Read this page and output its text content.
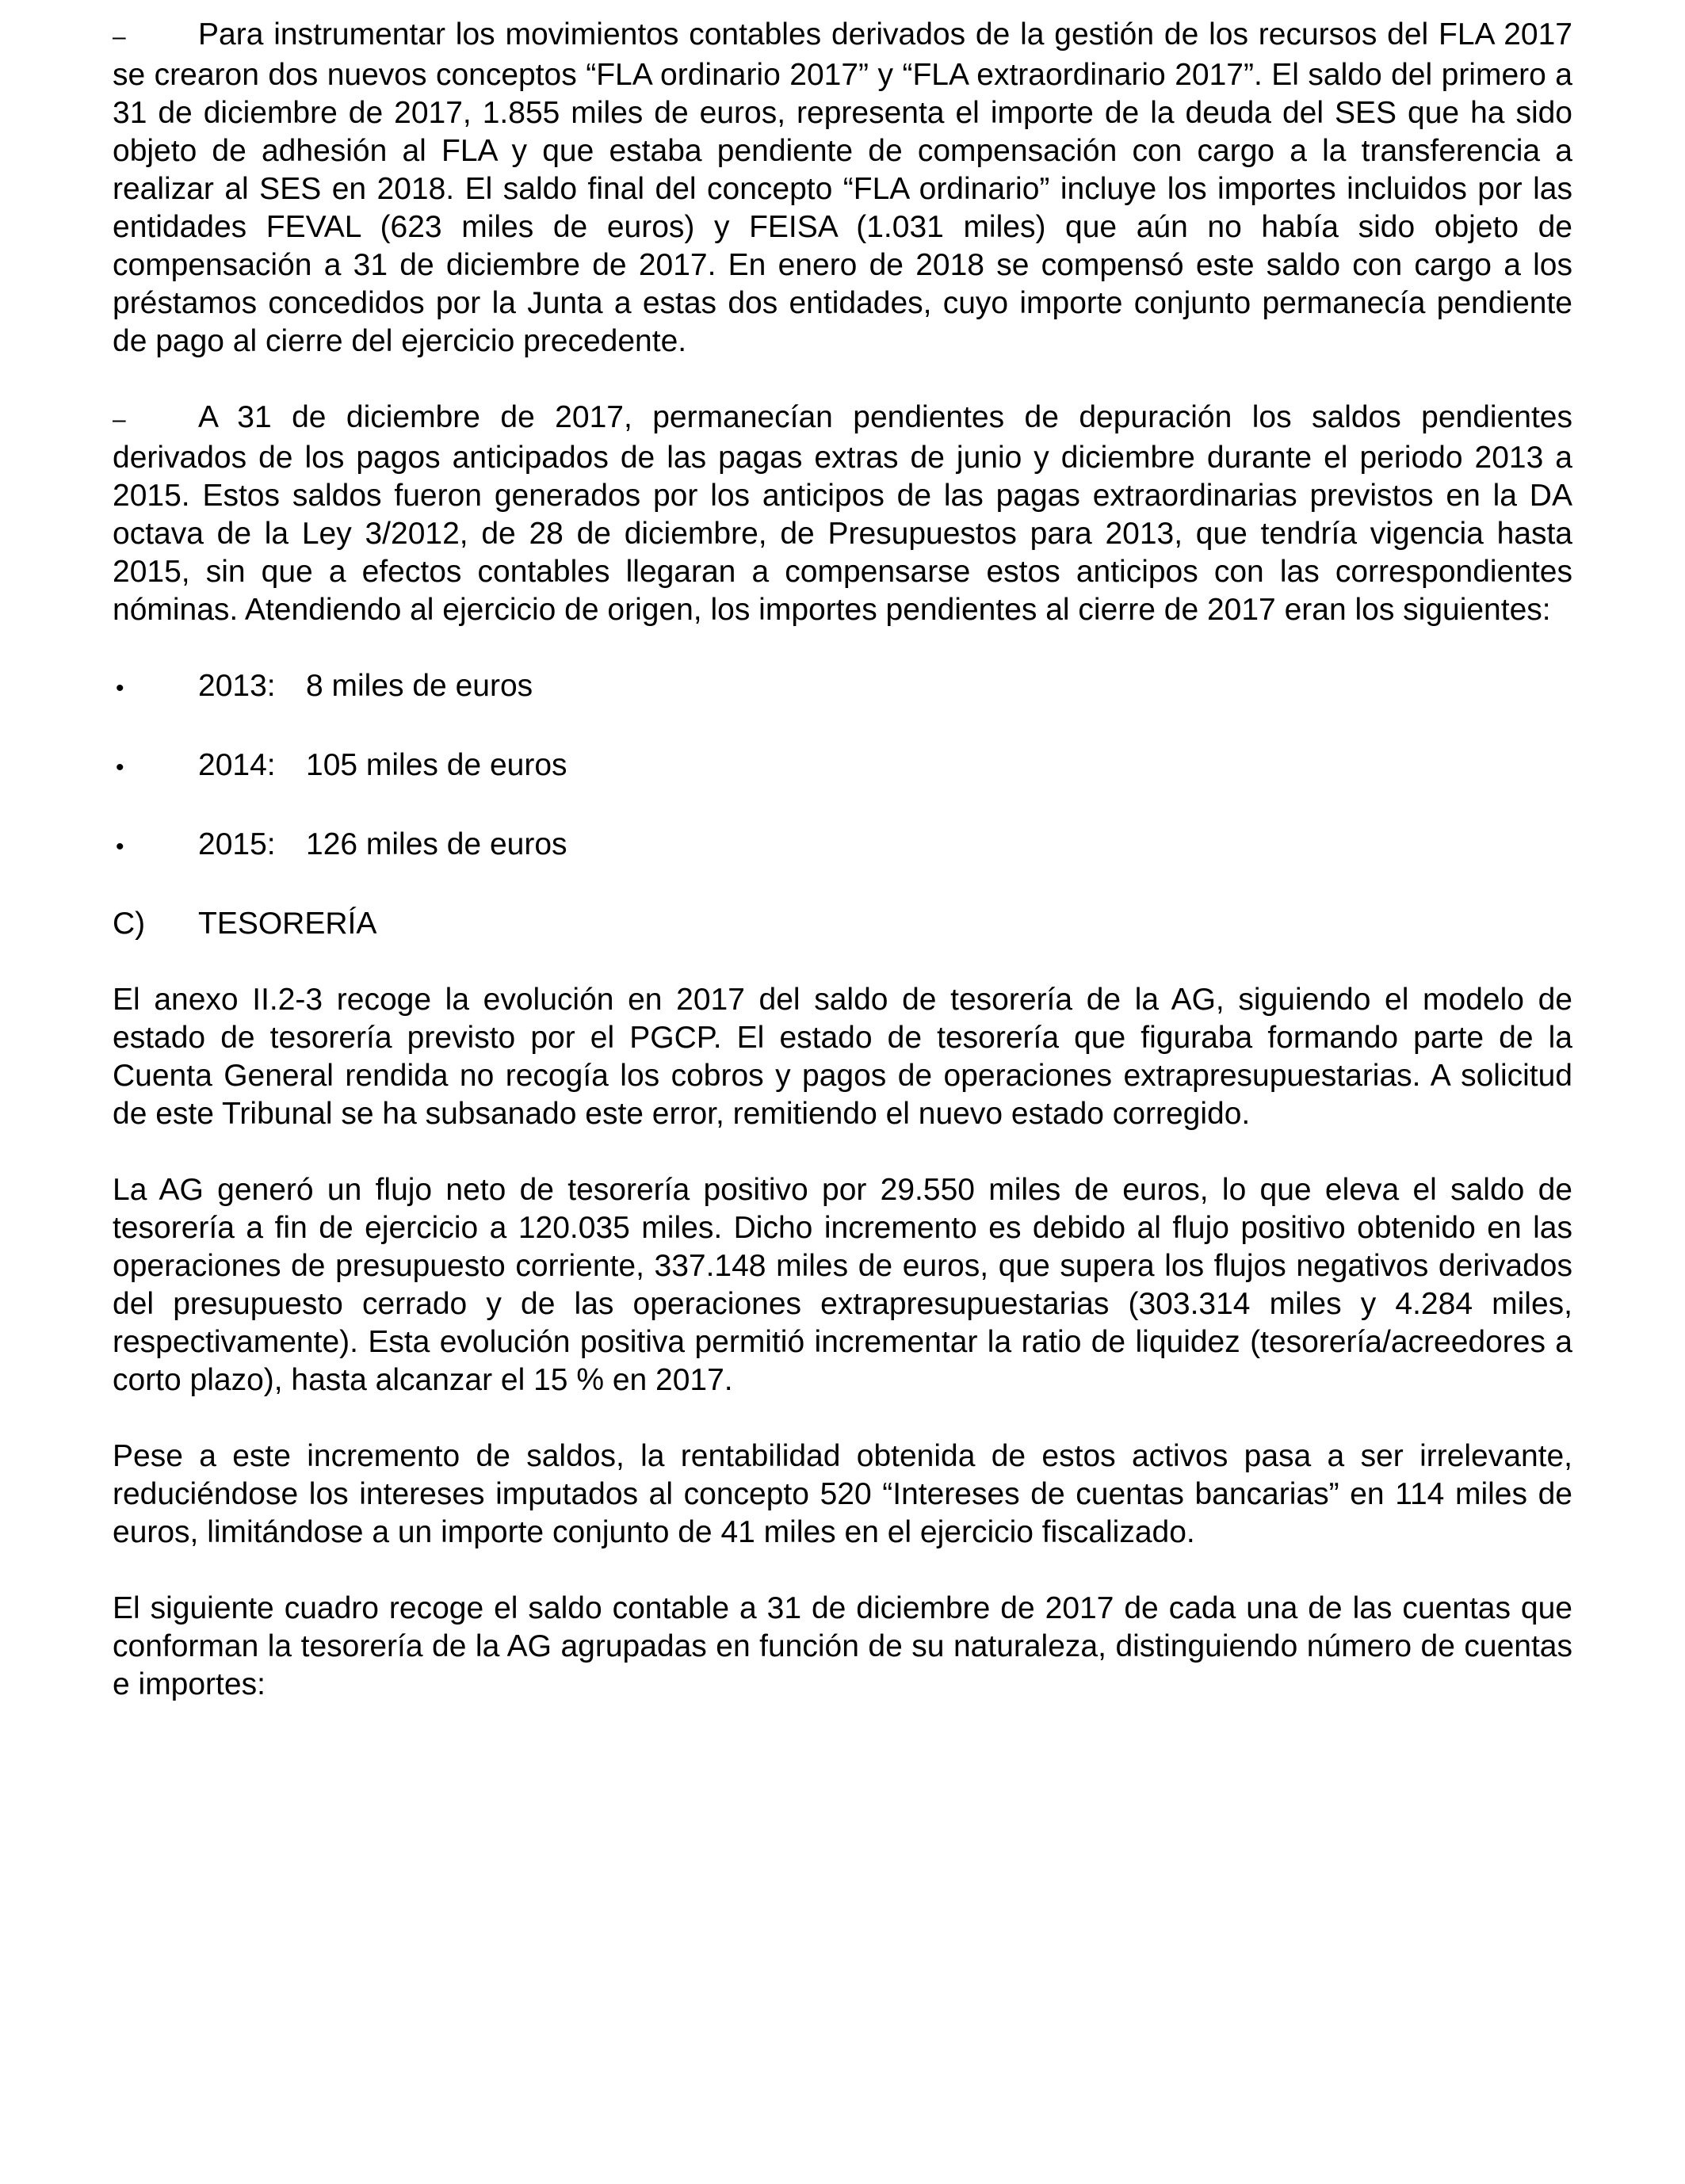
– Para instrumentar los movimientos contables derivados de la gestión de los recursos del FLA 2017 se crearon dos nuevos conceptos “FLA ordinario 2017” y “FLA extraordinario 2017”. El saldo del primero a 31 de diciembre de 2017, 1.855 miles de euros, representa el importe de la deuda del SES que ha sido objeto de adhesión al FLA y que estaba pendiente de compensación con cargo a la transferencia a realizar al SES en 2018. El saldo final del concepto “FLA ordinario” incluye los importes incluidos por las entidades FEVAL (623 miles de euros) y FEISA (1.031 miles) que aún no había sido objeto de compensación a 31 de diciembre de 2017. En enero de 2018 se compensó este saldo con cargo a los préstamos concedidos por la Junta a estas dos entidades, cuyo importe conjunto permanecía pendiente de pago al cierre del ejercicio precedente.

– A 31 de diciembre de 2017, permanecían pendientes de depuración los saldos pendientes derivados de los pagos anticipados de las pagas extras de junio y diciembre durante el periodo 2013 a 2015. Estos saldos fueron generados por los anticipos de las pagas extraordinarias previstos en la DA octava de la Ley 3/2012, de 28 de diciembre, de Presupuestos para 2013, que tendría vigencia hasta 2015, sin que a efectos contables llegaran a compensarse estos anticipos con las correspondientes nóminas. Atendiendo al ejercicio de origen, los importes pendientes al cierre de 2017 eran los siguientes:

•	2013: 8 miles de euros
•	2014: 105 miles de euros
•	2015: 126 miles de euros
C)	TESORERÍA

El anexo II.2-3 recoge la evolución en 2017 del saldo de tesorería de la AG, siguiendo el modelo de estado de tesorería previsto por el PGCP. El estado de tesorería que figuraba formando parte de la Cuenta General rendida no recogía los cobros y pagos de operaciones extrapresupuestarias. A solicitud de este Tribunal se ha subsanado este error, remitiendo el nuevo estado corregido.

La AG generó un flujo neto de tesorería positivo por 29.550 miles de euros, lo que eleva el saldo de tesorería a fin de ejercicio a 120.035 miles. Dicho incremento es debido al flujo positivo obtenido en las operaciones de presupuesto corriente, 337.148 miles de euros, que supera los flujos negativos derivados del presupuesto cerrado y de las operaciones extrapresupuestarias (303.314 miles y 4.284 miles, respectivamente). Esta evolución positiva permitió incrementar la ratio de liquidez (tesorería/acreedores a corto plazo), hasta alcanzar el 15 % en 2017.

Pese a este incremento de saldos, la rentabilidad obtenida de estos activos pasa a ser irrelevante, reduciéndose los intereses imputados al concepto 520 “Intereses de cuentas bancarias” en 114 miles de euros, limitándose a un importe conjunto de 41 miles en el ejercicio fiscalizado.

El siguiente cuadro recoge el saldo contable a 31 de diciembre de 2017 de cada una de las cuentas que conforman la tesorería de la AG agrupadas en función de su naturaleza, distinguiendo número de cuentas e importes:
